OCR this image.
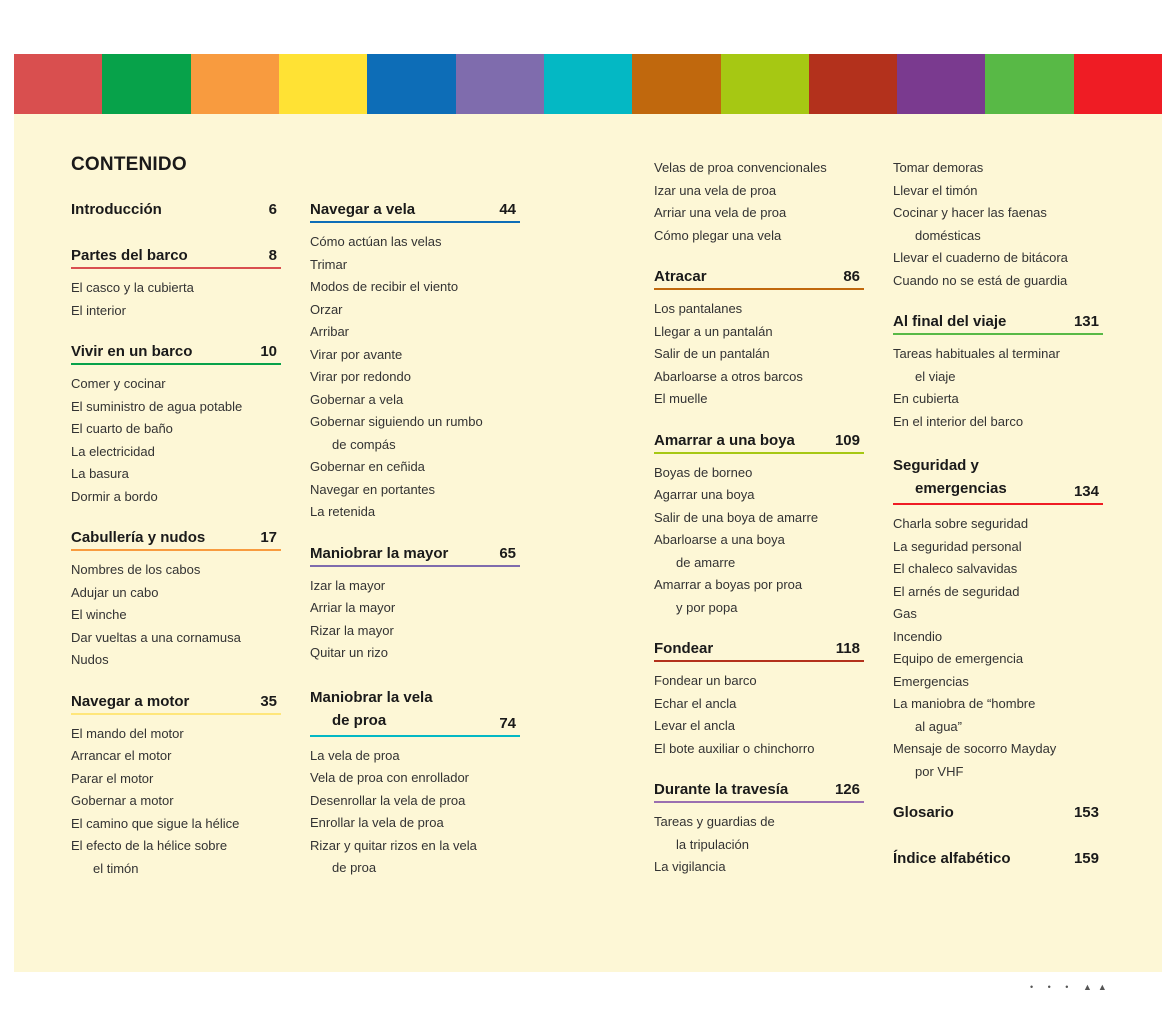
CONTENIDO
Introducción	6
Partes del barco	8
El casco y la cubierta
El interior
Vivir en un barco	10
Comer y cocinar
El suministro de agua potable
El cuarto de baño
La electricidad
La basura
Dormir a bordo
Cabullería y nudos	17
Nombres de los cabos
Adujar un cabo
El winche
Dar vueltas a una cornamusa
Nudos
Navegar a motor	35
El mando del motor
Arrancar el motor
Parar el motor
Gobernar a motor
El camino que sigue la hélice
El efecto de la hélice sobre
el timón
Navegar a vela	44
Cómo actúan las velas
Trimar
Modos de recibir el viento
Orzar
Arribar
Virar por avante
Virar por redondo
Gobernar a vela
Gobernar siguiendo un rumbo
de compás
Gobernar en ceñida
Navegar en portantes
La retenida
Maniobrar la mayor	65
Izar la mayor
Arriar la mayor
Rizar la mayor
Quitar un rizo
Maniobrar la vela
de proa	74
La vela de proa
Vela de proa con enrollador
Desenrollar la vela de proa
Enrollar la vela de proa
Rizar y quitar rizos en la vela
de proa
Velas de proa convencionales
Izar una vela de proa
Arriar una vela de proa
Cómo plegar una vela
Atracar	86
Los pantalanes
Llegar a un pantalán
Salir de un pantalán
Abarloarse a otros barcos
El muelle
Amarrar a una boya	109
Boyas de borneo
Agarrar una boya
Salir de una boya de amarre
Abarloarse a una boya
de amarre
Amarrar a boyas por proa
y por popa
Fondear	118
Fondear un barco
Echar el ancla
Levar el ancla
El bote auxiliar o chinchorro
Durante la travesía	126
Tareas y guardias de
la tripulación
La vigilancia
Tomar demoras
Llevar el timón
Cocinar y hacer las faenas
domésticas
Llevar el cuaderno de bitácora
Cuando no se está de guardia
Al final del viaje	131
Tareas habituales al terminar
el viaje
En cubierta
En el interior del barco
Seguridad y
emergencias	134
Charla sobre seguridad
La seguridad personal
El chaleco salvavidas
El arnés de seguridad
Gas
Incendio
Equipo de emergencia
Emergencias
La maniobra de “hombre
al agua”
Mensaje de socorro Mayday
por VHF
Glosario	153
Índice alfabético	159
• • • ▲▲
